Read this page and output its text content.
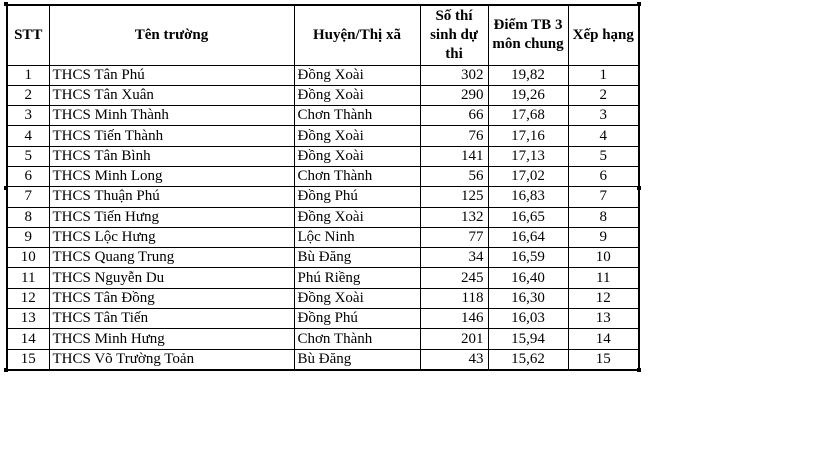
STT	Tên trường	Huyện/Thị xã	Số thí sinh dự thi	Điểm TB 3 môn chung	Xếp hạng
1	THCS Tân Phú	Đồng Xoài	302	19,82	1
2	THCS Tân Xuân	Đồng Xoài	290	19,26	2
3	THCS Minh Thành	Chơn Thành	66	17,68	3
4	THCS Tiến Thành	Đồng Xoài	76	17,16	4
5	THCS Tân Bình	Đồng Xoài	141	17,13	5
6	THCS Minh Long	Chơn Thành	56	17,02	6
7	THCS Thuận Phú	Đồng Phú	125	16,83	7
8	THCS Tiến Hưng	Đồng Xoài	132	16,65	8
9	THCS Lộc Hưng	Lộc Ninh	77	16,64	9
10	THCS Quang Trung	Bù Đăng	34	16,59	10
11	THCS Nguyễn Du	Phú Riềng	245	16,40	11
12	THCS Tân Đồng	Đồng Xoài	118	16,30	12
13	THCS Tân Tiến	Đồng Phú	146	16,03	13
14	THCS Minh Hưng	Chơn Thành	201	15,94	14
15	THCS Võ Trường Toản	Bù Đăng	43	15,62	15
